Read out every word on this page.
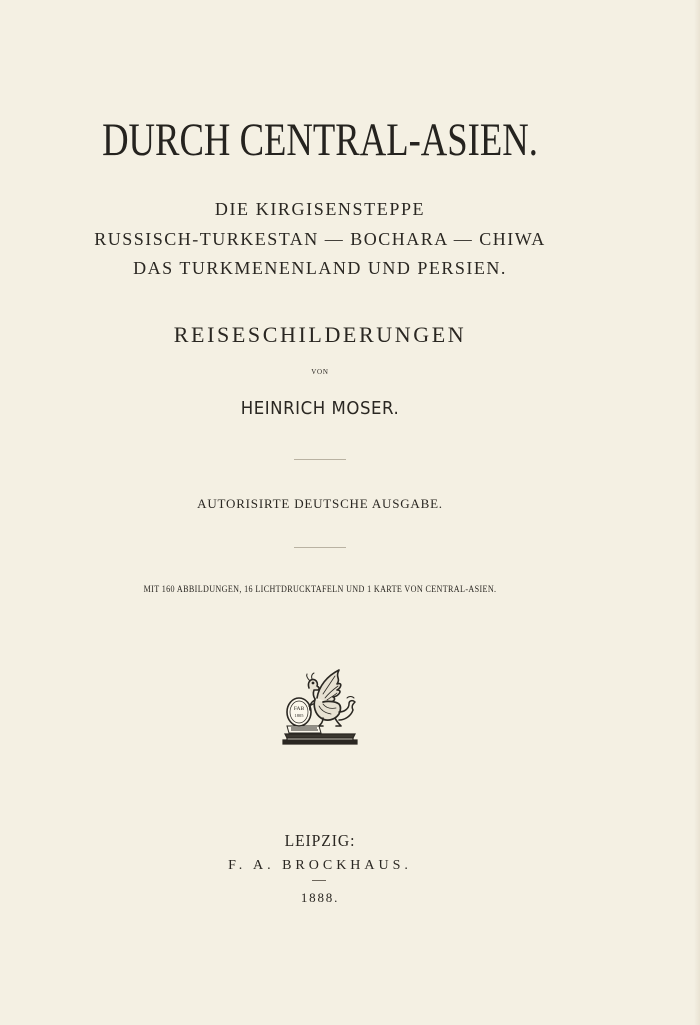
DURCH CENTRAL-ASIEN.
DIE KIRGISENSTEPPE
RUSSISCH-TURKESTAN — BOCHARA — CHIWA
DAS TURKMENENLAND UND PERSIEN.
REISESCHILDERUNGEN
VON
HEINRICH MOSER.
AUTORISIRTE DEUTSCHE AUSGABE.
MIT 160 ABBILDUNGEN, 16 LICHTDRUCKTAFELN UND 1 KARTE VON CENTRAL-ASIEN.
FAB
1805
LEIPZIG:
F. A. BROCKHAUS.
1888.
